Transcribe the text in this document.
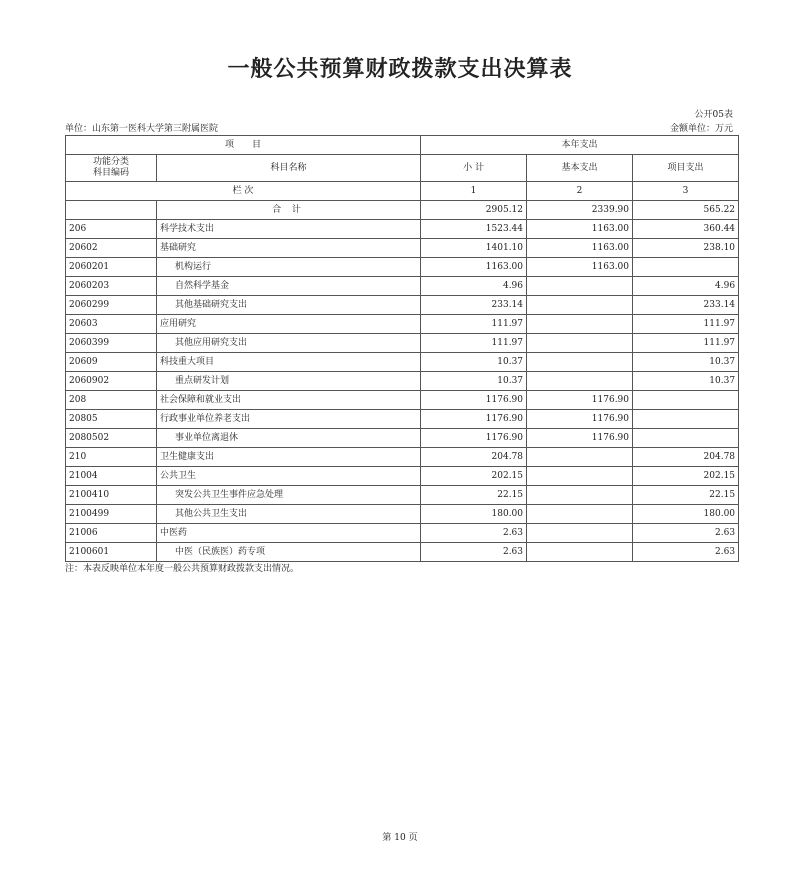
一般公共预算财政拨款支出决算表
公开05表
单位：山东第一医科大学第三附属医院	金额单位：万元
项　　目		本年支出		
功能分类
科目编码	科目名称	小 计	基本支出	项目支出
栏 次		1	2	3
	合 计	2905.12	2339.90	565.22
206	科学技术支出	1523.44	1163.00	360.44
20602	基础研究	1401.10	1163.00	238.10
2060201	机构运行	1163.00	1163.00	
2060203	自然科学基金	4.96		4.96
2060299	其他基础研究支出	233.14		233.14
20603	应用研究	111.97		111.97
2060399	其他应用研究支出	111.97		111.97
20609	科技重大项目	10.37		10.37
2060902	重点研发计划	10.37		10.37
208	社会保障和就业支出	1176.90	1176.90	
20805	行政事业单位养老支出	1176.90	1176.90	
2080502	事业单位离退休	1176.90	1176.90	
210	卫生健康支出	204.78		204.78
21004	公共卫生	202.15		202.15
2100410	突发公共卫生事件应急处理	22.15		22.15
2100499	其他公共卫生支出	180.00		180.00
21006	中医药	2.63		2.63
2100601	中医（民族医）药专项	2.63		2.63
注：本表反映单位本年度一般公共预算财政拨款支出情况。
第 10 页
